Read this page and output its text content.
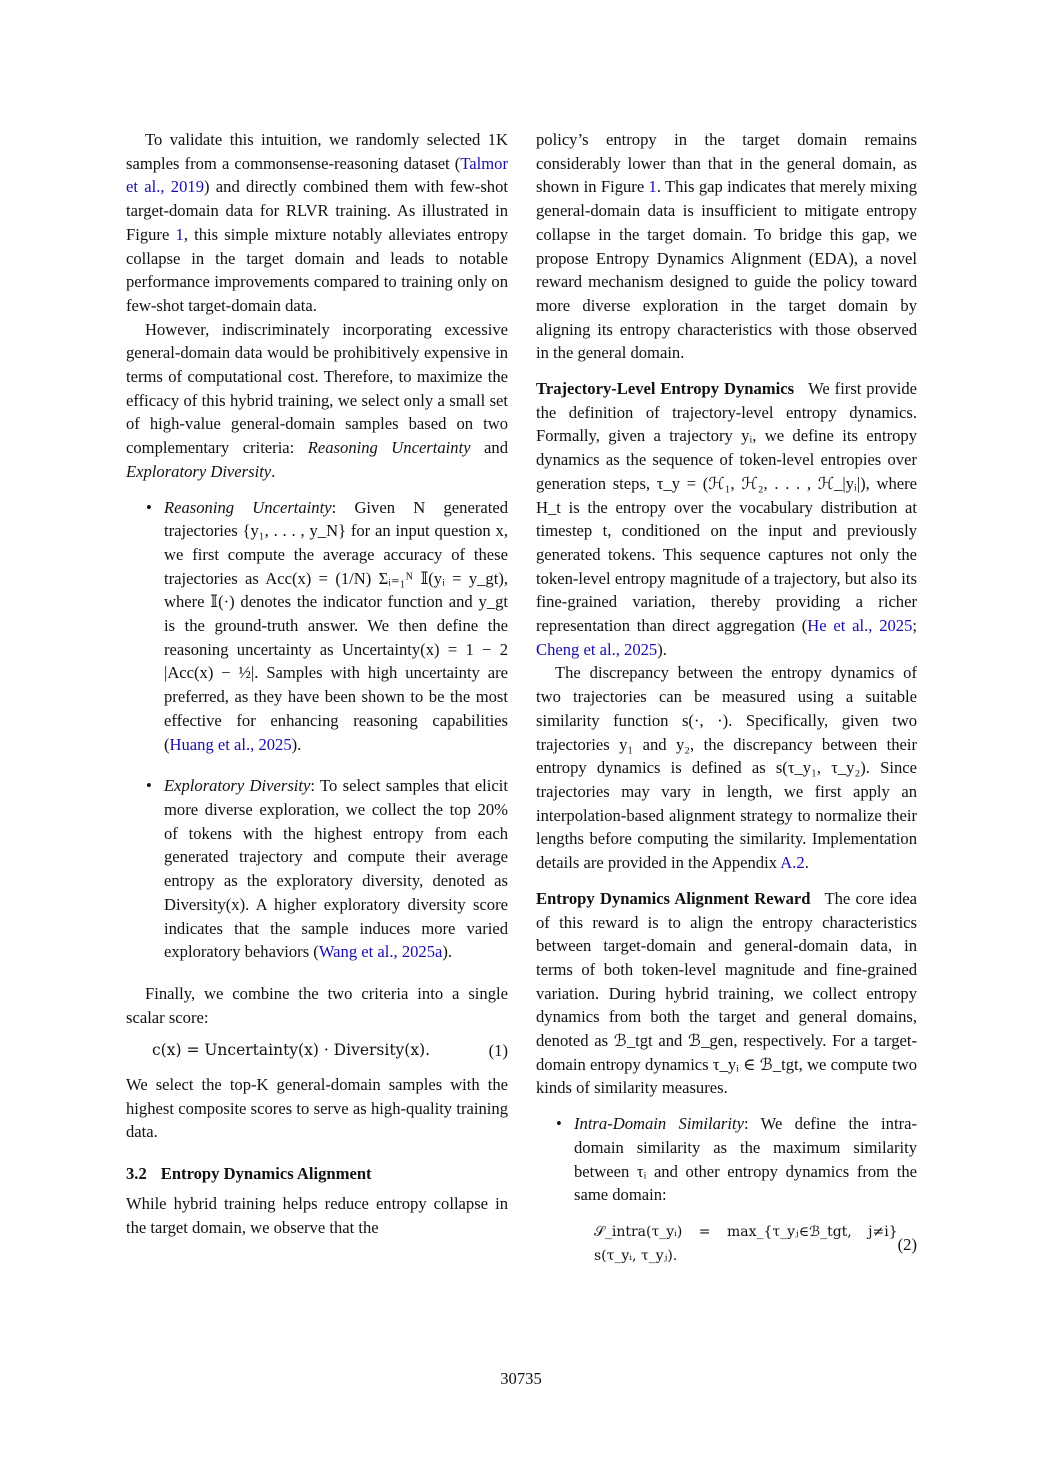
To validate this intuition, we randomly selected 1K samples from a commonsense-reasoning dataset (Talmor et al., 2019) and directly combined them with few-shot target-domain data for RLVR training. As illustrated in Figure 1, this simple mixture notably alleviates entropy collapse in the target domain and leads to notable performance improvements compared to training only on few-shot target-domain data.

However, indiscriminately incorporating excessive general-domain data would be prohibitively expensive in terms of computational cost. Therefore, to maximize the efficacy of this hybrid training, we select only a small set of high-value general-domain samples based on two complementary criteria: Reasoning Uncertainty and Exploratory Diversity.

• Reasoning Uncertainty: Given N generated trajectories {y₁, . . . , y_N} for an input question x, we first compute the average accuracy of these trajectories as Acc(x) = (1/N) Σᵢ₌₁ᴺ 𝕀(yᵢ = y_gt), where 𝕀(·) denotes the indicator function and y_gt is the ground-truth answer. We then define the reasoning uncertainty as Uncertainty(x) = 1 − 2 |Acc(x) − ½|. Samples with high uncertainty are preferred, as they have been shown to be the most effective for enhancing reasoning capabilities (Huang et al., 2025).
• Exploratory Diversity: To select samples that elicit more diverse exploration, we collect the top 20% of tokens with the highest entropy from each generated trajectory and compute their average entropy as the exploratory diversity, denoted as Diversity(x). A higher exploratory diversity score indicates that the sample induces more varied exploratory behaviors (Wang et al., 2025a).

Finally, we combine the two criteria into a single scalar score:

c(x) = Uncertainty(x) · Diversity(x).	(1)

We select the top-K general-domain samples with the highest composite scores to serve as high-quality training data.

3.2 Entropy Dynamics Alignment

While hybrid training helps reduce entropy collapse in the target domain, we observe that the

policy’s entropy in the target domain remains considerably lower than that in the general domain, as shown in Figure 1. This gap indicates that merely mixing general-domain data is insufficient to mitigate entropy collapse in the target domain. To bridge this gap, we propose Entropy Dynamics Alignment (EDA), a novel reward mechanism designed to guide the policy toward more diverse exploration in the target domain by aligning its entropy characteristics with those observed in the general domain.

Trajectory-Level Entropy Dynamics We first provide the definition of trajectory-level entropy dynamics. Formally, given a trajectory yᵢ, we define its entropy dynamics as the sequence of token-level entropies over generation steps, τ_y = (ℋ₁, ℋ₂, . . . , ℋ_|yᵢ|), where H_t is the entropy over the vocabulary distribution at timestep t, conditioned on the input and previously generated tokens. This sequence captures not only the token-level entropy magnitude of a trajectory, but also its fine-grained variation, thereby providing a richer representation than direct aggregation (He et al., 2025; Cheng et al., 2025).

The discrepancy between the entropy dynamics of two trajectories can be measured using a suitable similarity function s(·, ·). Specifically, given two trajectories y₁ and y₂, the discrepancy between their entropy dynamics is defined as s(τ_y₁, τ_y₂). Since trajectories may vary in length, we first apply an interpolation-based alignment strategy to normalize their lengths before computing the similarity. Implementation details are provided in the Appendix A.2.

Entropy Dynamics Alignment Reward The core idea of this reward is to align the entropy characteristics between target-domain and general-domain data, in terms of both token-level magnitude and fine-grained variation. During hybrid training, we collect entropy dynamics from both the target and general domains, denoted as ℬ_tgt and ℬ_gen, respectively. For a target-domain entropy dynamics τ_yᵢ ∈ ℬ_tgt, we compute two kinds of similarity measures.

• Intra-Domain Similarity: We define the intra-domain similarity as the maximum similarity between τᵢ and other entropy dynamics from the same domain:
𝒮_intra(τ_yᵢ) = max_{τ_yⱼ∈ℬ_tgt, j≠i} s(τ_yᵢ, τ_yⱼ).
(2)
30735
